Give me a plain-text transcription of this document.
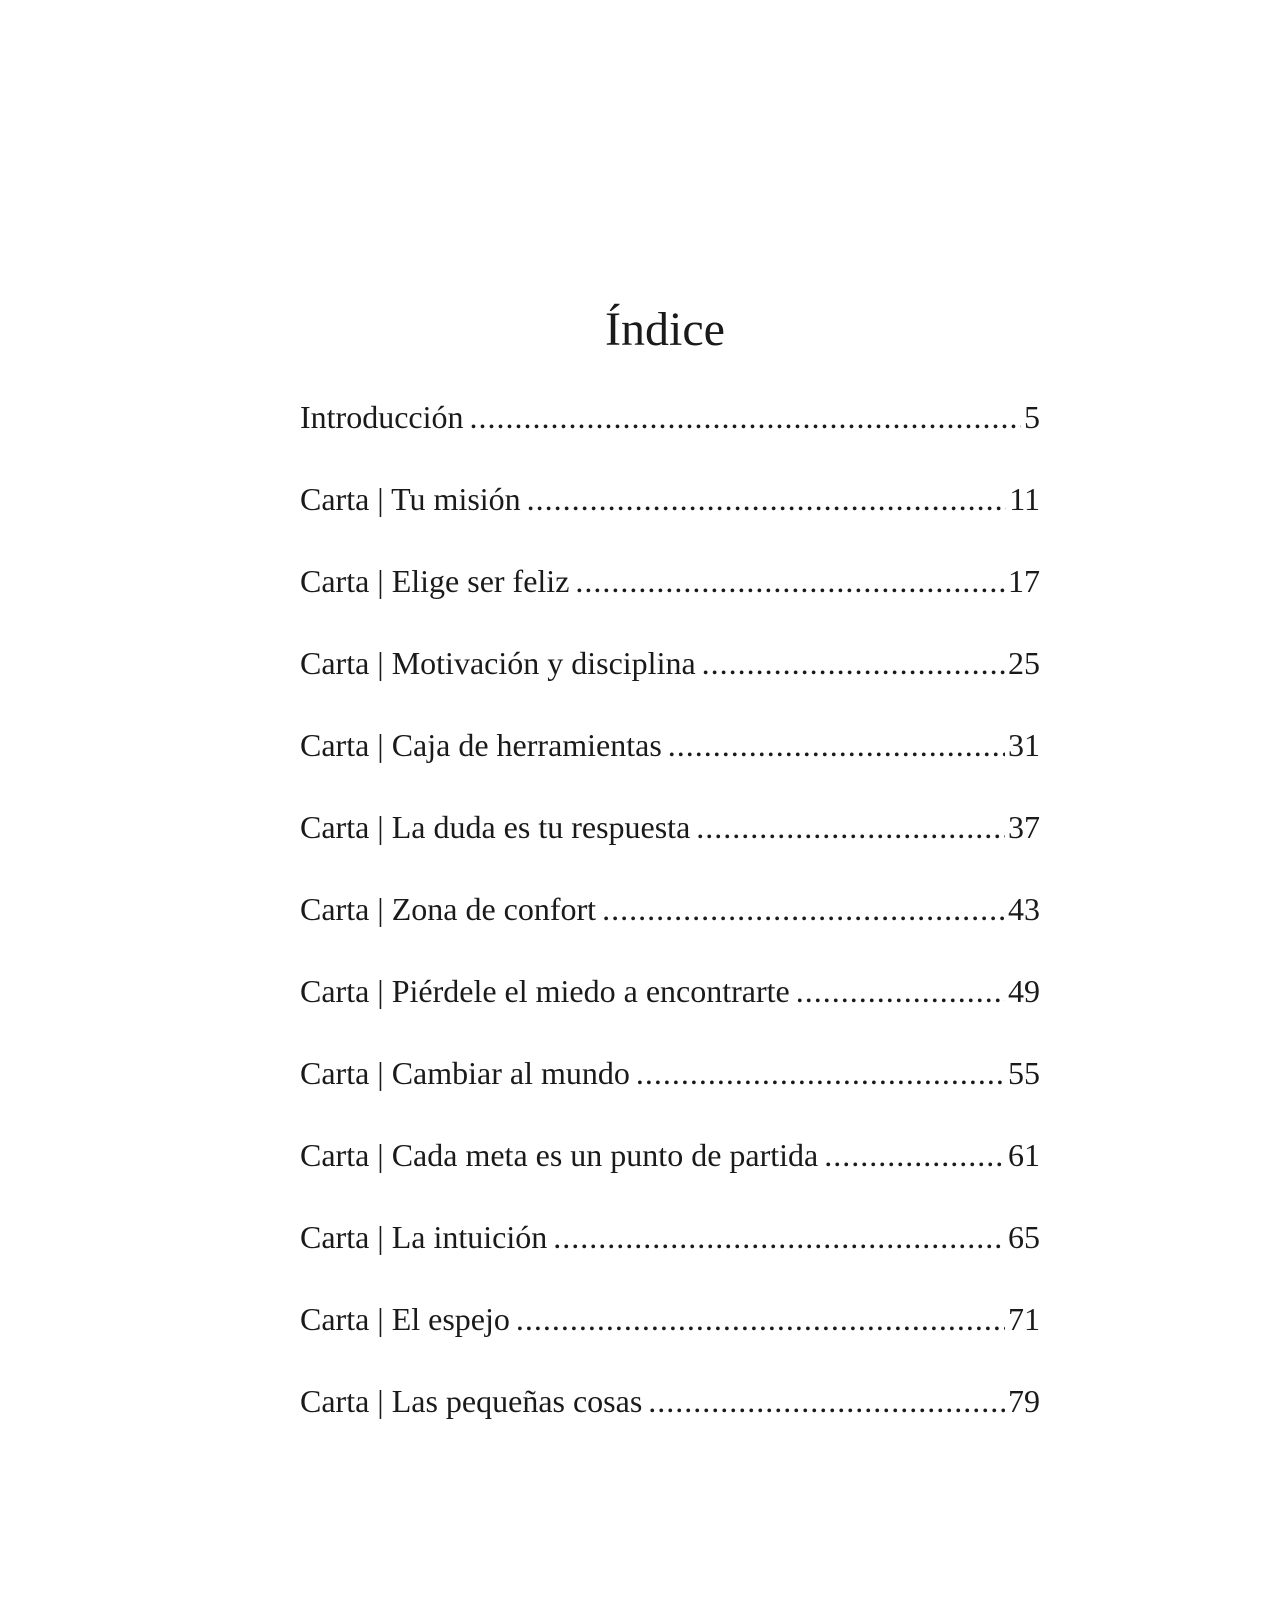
Índice
Introducción .....	5
Carta | Tu misión .....	11
Carta | Elige ser feliz .....	17
Carta | Motivación y disciplina .....	25
Carta | Caja de herramientas .....	31
Carta | La duda es tu respuesta .....	37
Carta | Zona de confort .....	43
Carta | Piérdele el miedo a encontrarte .....	49
Carta | Cambiar al mundo .....	55
Carta | Cada meta es un punto de partida .....	61
Carta | La intuición .....	65
Carta | El espejo .....	71
Carta | Las pequeñas cosas .....	79
